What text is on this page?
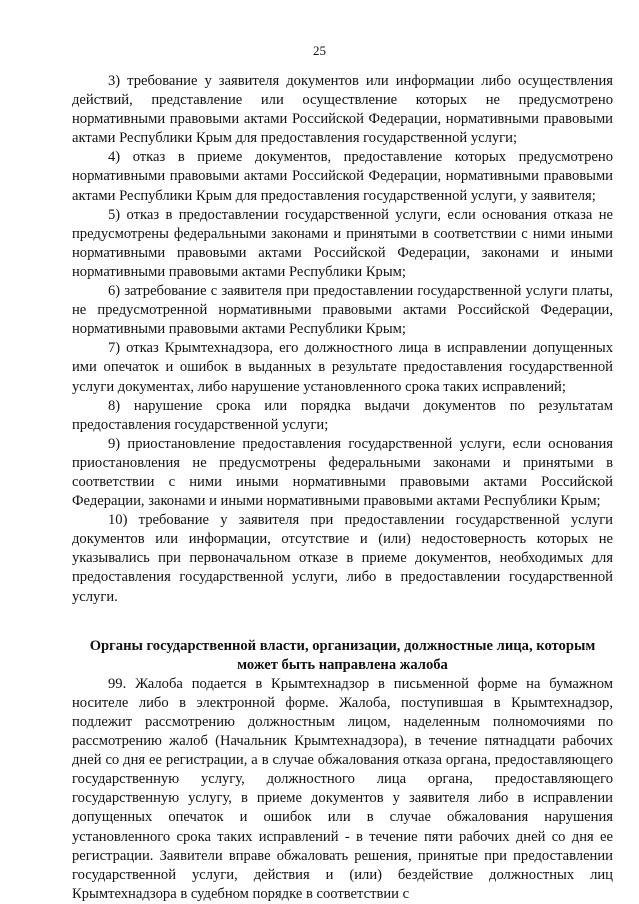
25

3) требование у заявителя документов или информации либо осуществления действий, представление или осуществление которых не предусмотрено нормативными правовыми актами Российской Федерации, нормативными правовыми актами Республики Крым для предоставления государственной услуги;

4) отказ в приеме документов, предоставление которых предусмотрено нормативными правовыми актами Российской Федерации, нормативными правовыми актами Республики Крым для предоставления государственной услуги, у заявителя;

5) отказ в предоставлении государственной услуги, если основания отказа не предусмотрены федеральными законами и принятыми в соответствии с ними иными нормативными правовыми актами Российской Федерации, законами и иными нормативными правовыми актами Республики Крым;

6) затребование с заявителя при предоставлении государственной услуги платы, не предусмотренной нормативными правовыми актами Российской Федерации, нормативными правовыми актами Республики Крым;

7) отказ Крымтехнадзора, его должностного лица в исправлении допущенных ими опечаток и ошибок в выданных в результате предоставления государственной услуги документах, либо нарушение установленного срока таких исправлений;

8) нарушение срока или порядка выдачи документов по результатам предоставления государственной услуги;

9) приостановление предоставления государственной услуги, если основания приостановления не предусмотрены федеральными законами и принятыми в соответствии с ними иными нормативными правовыми актами Российской Федерации, законами и иными нормативными правовыми актами Республики Крым;

10) требование у заявителя при предоставлении государственной услуги документов или информации, отсутствие и (или) недостоверность которых не указывались при первоначальном отказе в приеме документов, необходимых для предоставления государственной услуги, либо в предоставлении государственной услуги.

Органы государственной власти, организации, должностные лица, которым может быть направлена жалоба

99. Жалоба подается в Крымтехнадзор в письменной форме на бумажном носителе либо в электронной форме. Жалоба, поступившая в Крымтехнадзор, подлежит рассмотрению должностным лицом, наделенным полномочиями по рассмотрению жалоб (Начальник Крымтехнадзора), в течение пятнадцати рабочих дней со дня ее регистрации, а в случае обжалования отказа органа, предоставляющего государственную услугу, должностного лица органа, предоставляющего государственную услугу, в приеме документов у заявителя либо в исправлении допущенных опечаток и ошибок или в случае обжалования нарушения установленного срока таких исправлений - в течение пяти рабочих дней со дня ее регистрации. Заявители вправе обжаловать решения, принятые при предоставлении государственной услуги, действия и (или) бездействие должностных лиц Крымтехнадзора в судебном порядке в соответствии с
